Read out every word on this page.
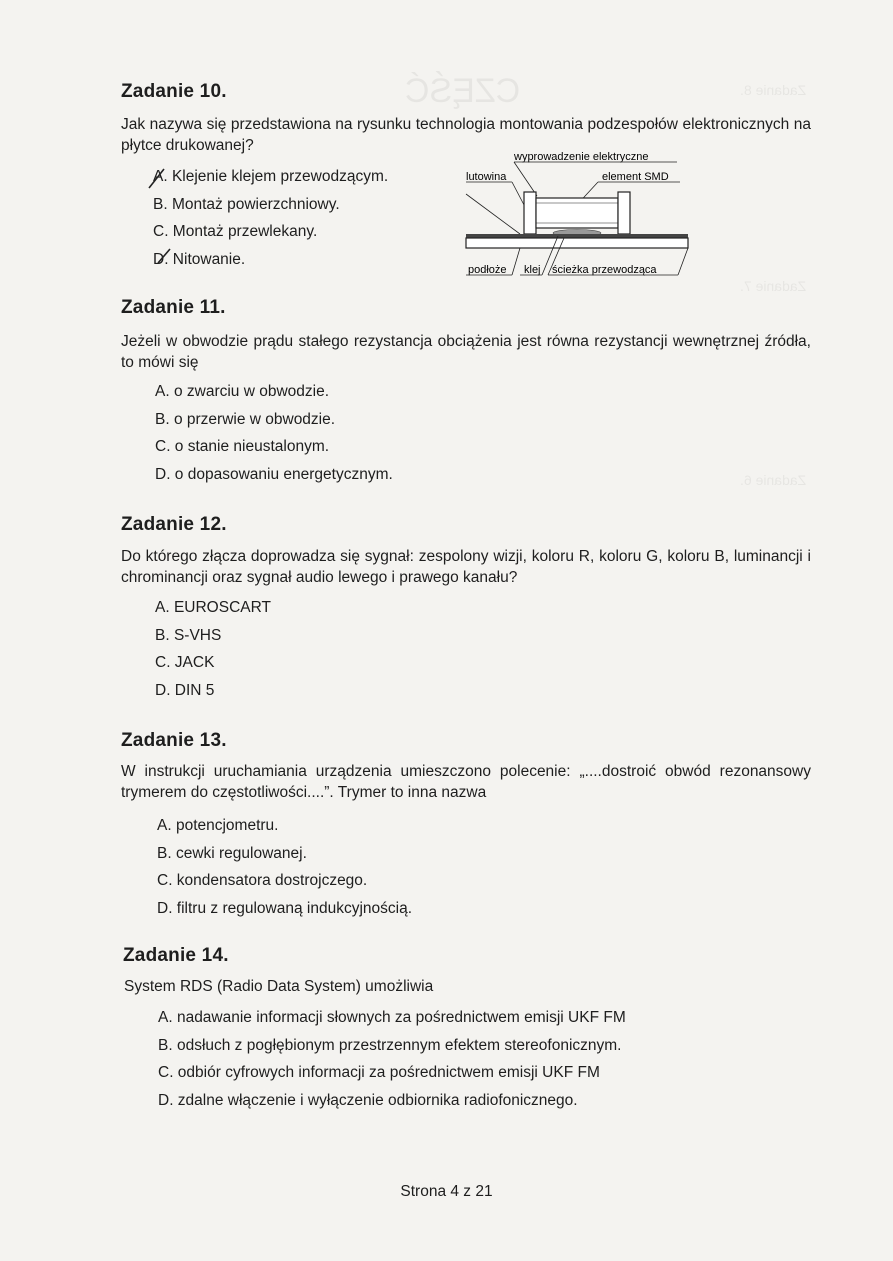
CZĘŚĆ	Zadanie 8.
Zadanie 7.
Zadanie 6.
Zadanie 10.

Jak nazywa się przedstawiona na rysunku technologia montowania podzespołów elektronicznych na płytce drukowanej?

A. Klejenie klejem przewodzącym.
B. Montaż powierzchniowy.
C. Montaż przewlekany.
D. Nitowanie.
wyprowadzenie elektryczne
lutowina	element SMD
podłoże klej ścieżka przewodząca
Zadanie 11.

Jeżeli w obwodzie prądu stałego rezystancja obciążenia jest równa rezystancji wewnętrznej źródła, to mówi się

A. o zwarciu w obwodzie.
B. o przerwie w obwodzie.
C. o stanie nieustalonym.
D. o dopasowaniu energetycznym.
Zadanie 12.

Do którego złącza doprowadza się sygnał: zespolony wizji, koloru R, koloru G, koloru B, luminancji i chrominancji oraz sygnał audio lewego i prawego kanału?

A. EUROSCART
B. S-VHS
C. JACK
D. DIN 5
Zadanie 13.

W instrukcji uruchamiania urządzenia umieszczono polecenie: „....dostroić obwód rezonansowy trymerem do częstotliwości....”. Trymer to inna nazwa

A. potencjometru.
B. cewki regulowanej.
C. kondensatora dostrojczego.
D. filtru z regulowaną indukcyjnością.
Zadanie 14.

System RDS (Radio Data System) umożliwia

A. nadawanie informacji słownych za pośrednictwem emisji UKF FM
B. odsłuch z pogłębionym przestrzennym efektem stereofonicznym.
C. odbiór cyfrowych informacji za pośrednictwem emisji UKF FM
D. zdalne włączenie i wyłączenie odbiornika radiofonicznego.
Strona 4 z 21
